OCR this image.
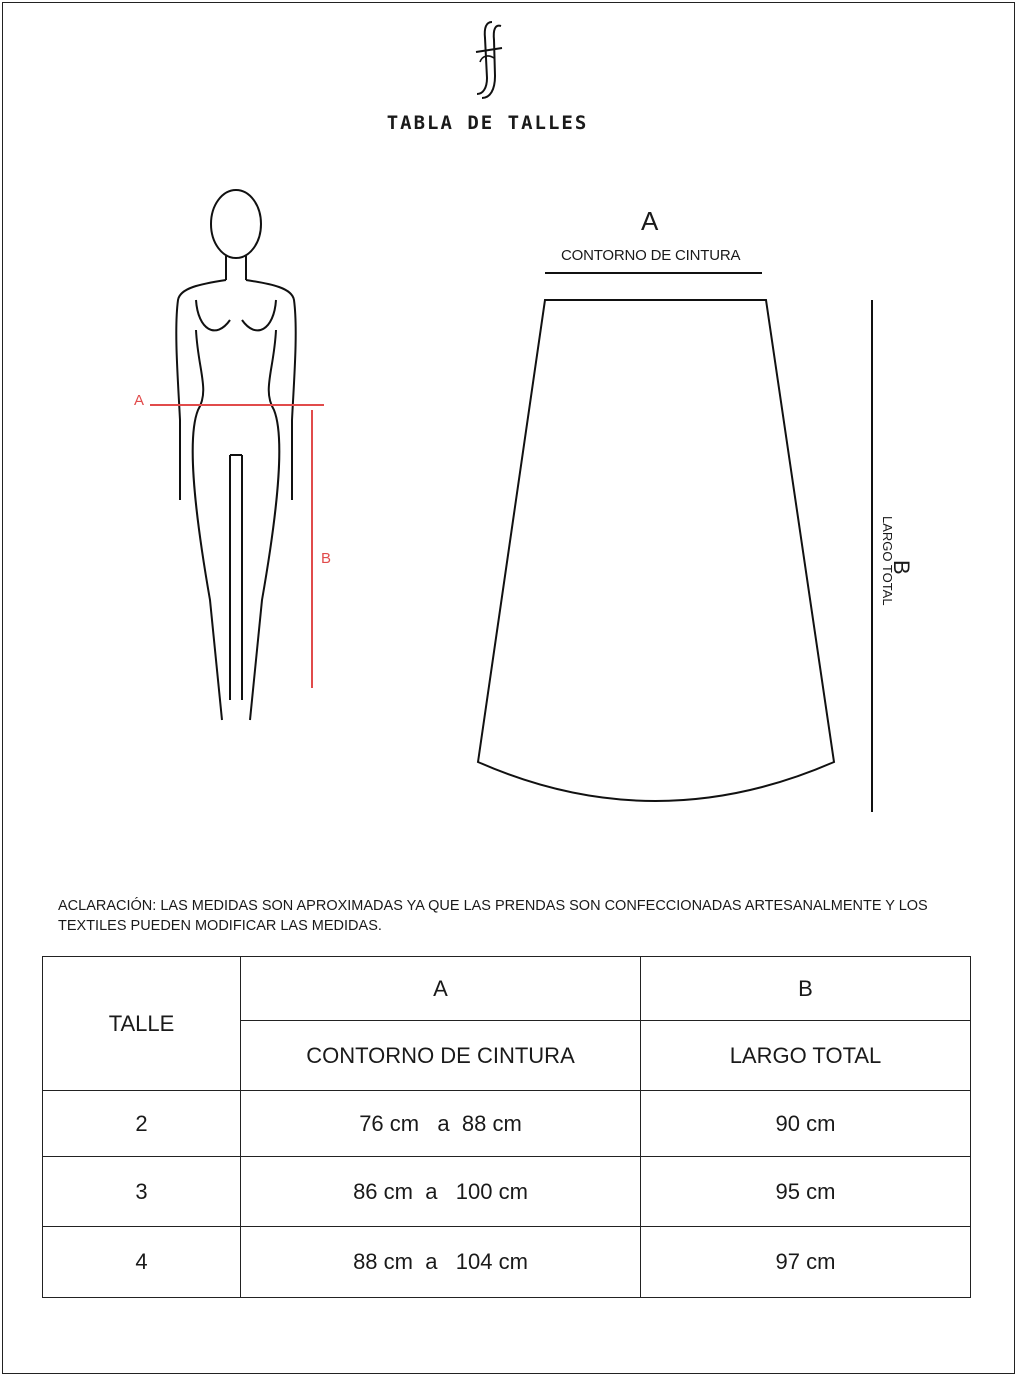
TABLA DE TALLES
A
B
A
CONTORNO DE CINTURA
B
LARGO TOTAL
ACLARACIÓN: LAS MEDIDAS SON APROXIMADAS YA QUE LAS PRENDAS SON CONFECCIONADAS ARTESANALMENTE Y LOS TEXTILES PUEDEN MODIFICAR LAS MEDIDAS.
TALLE	A	B
	CONTORNO DE CINTURA	LARGO TOTAL
2	76 cm   a  88 cm	90 cm
3	86 cm  a   100 cm	95 cm
4	88 cm  a   104 cm	97 cm
